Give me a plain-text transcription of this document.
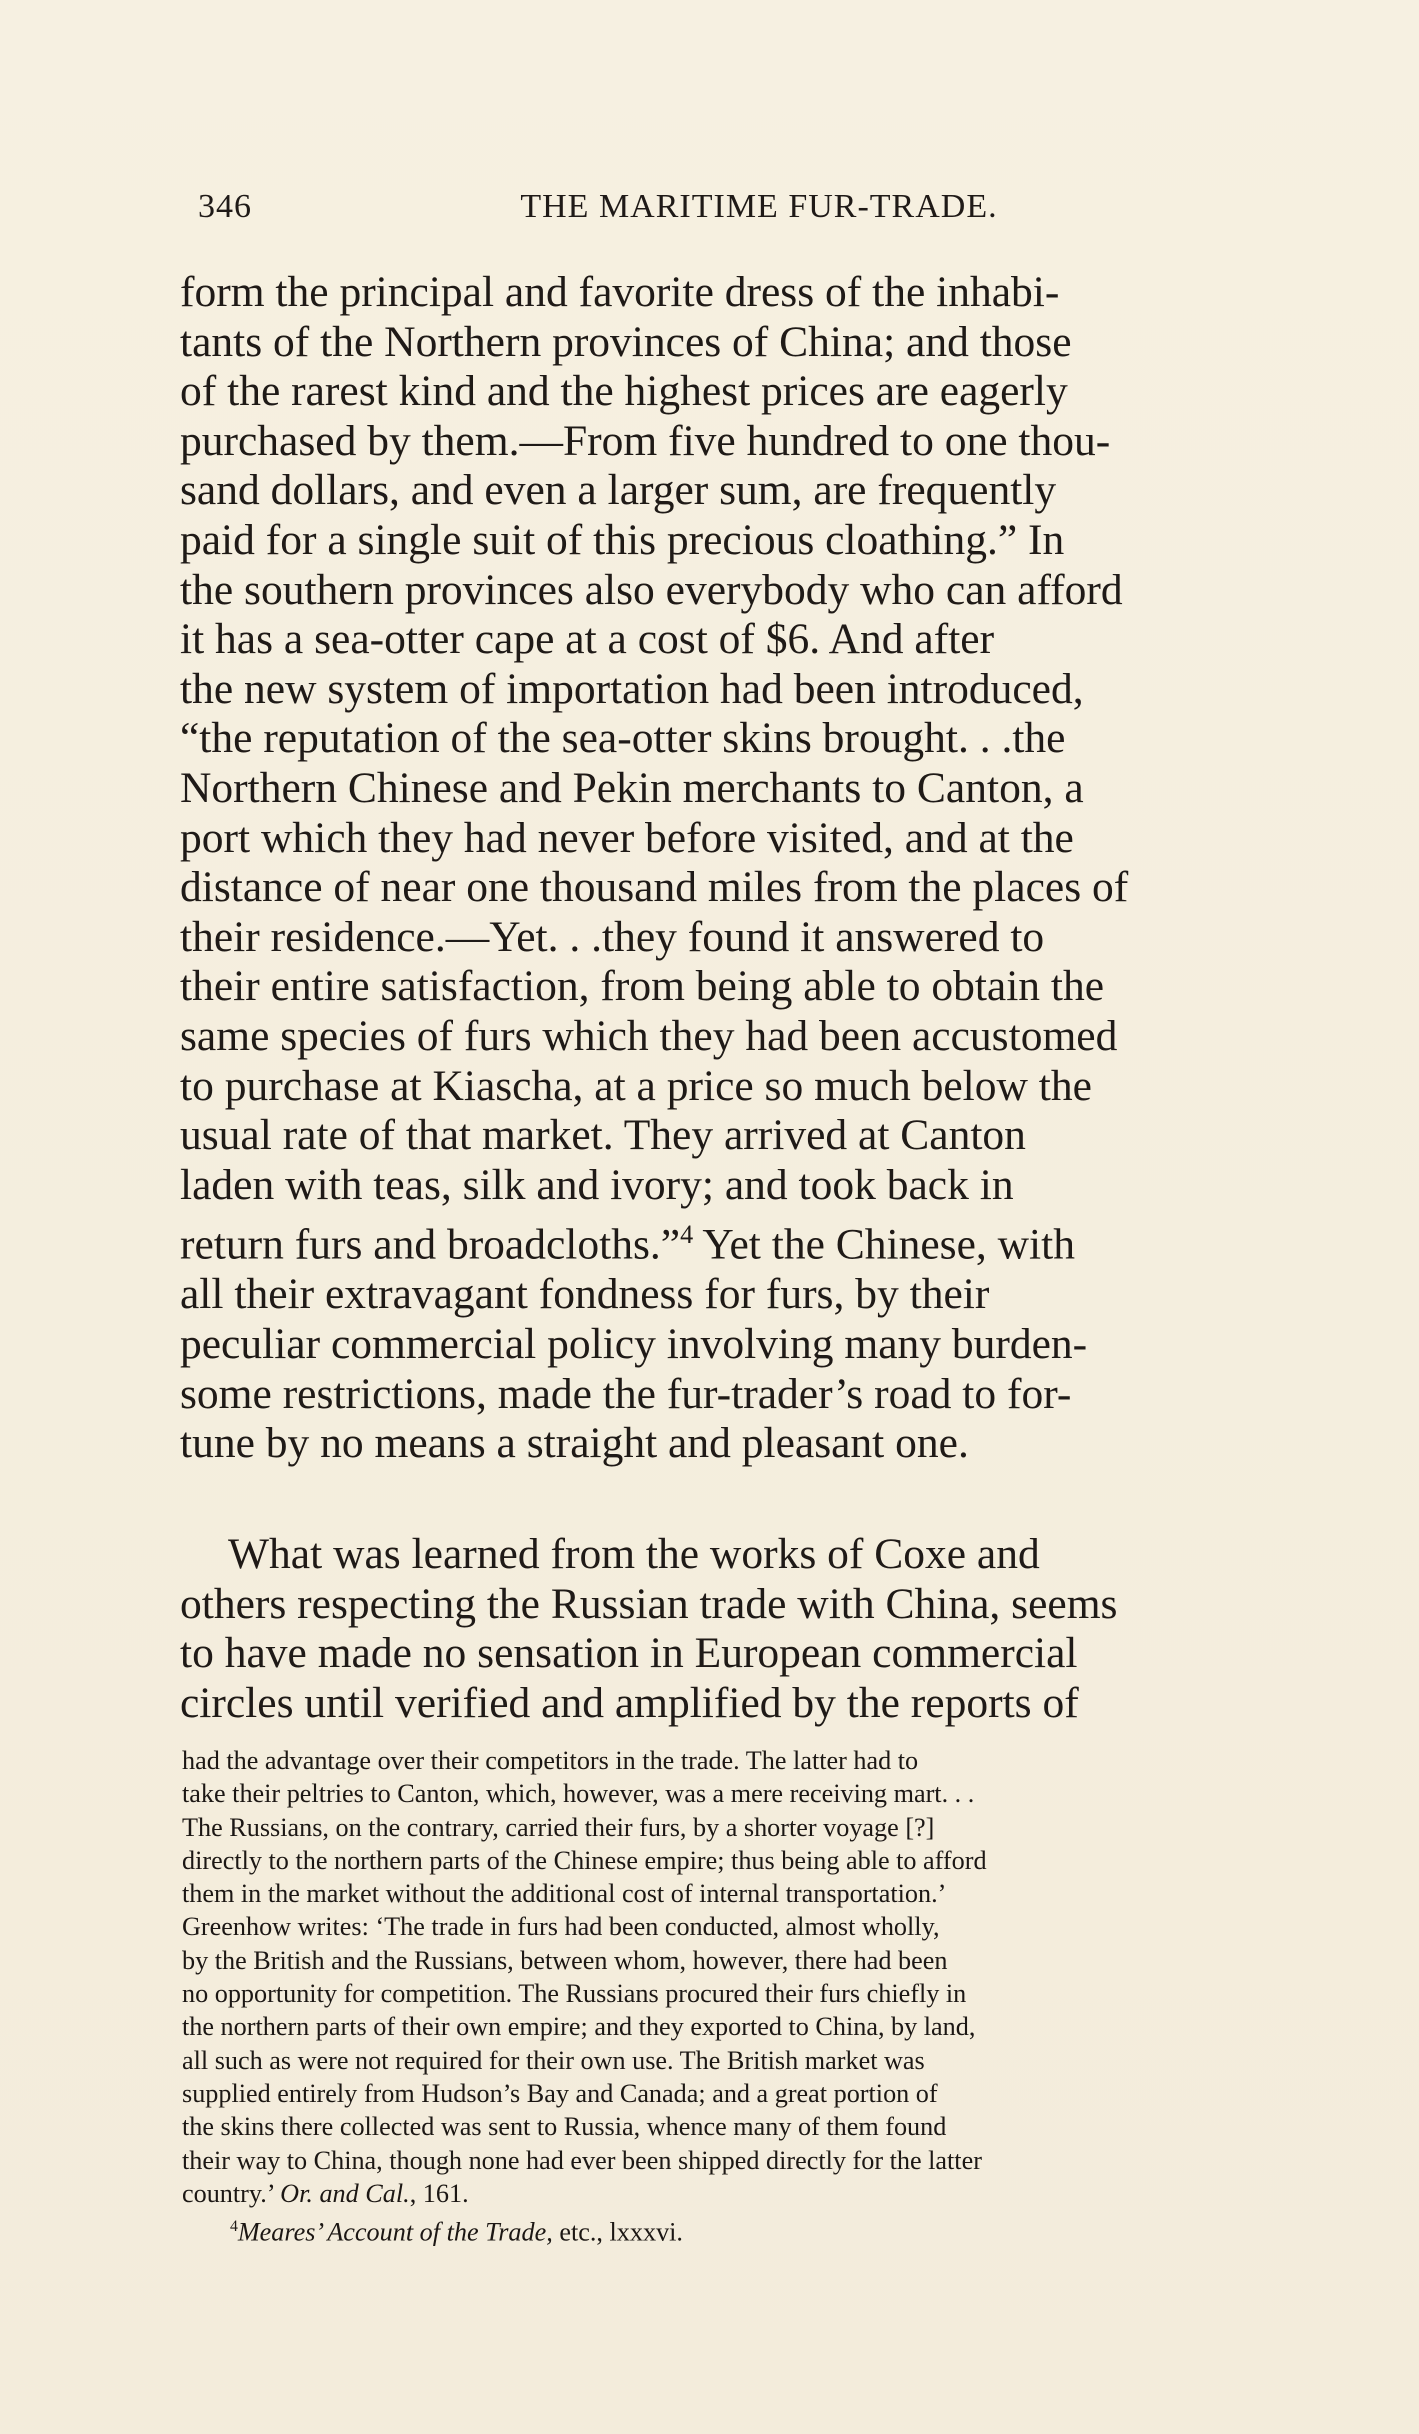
346	THE MARITIME FUR-TRADE.
form the principal and favorite dress of the inhabi-
tants of the Northern provinces of China; and those
of the rarest kind and the highest prices are eagerly
purchased by them.—From five hundred to one thou-
sand dollars, and even a larger sum, are frequently
paid for a single suit of this precious cloathing.” In
the southern provinces also everybody who can afford
it has a sea-otter cape at a cost of $6. And after
the new system of importation had been introduced,
“the reputation of the sea-otter skins brought. . .the
Northern Chinese and Pekin merchants to Canton, a
port which they had never before visited, and at the
distance of near one thousand miles from the places of
their residence.—Yet. . .they found it answered to
their entire satisfaction, from being able to obtain the
same species of furs which they had been accustomed
to purchase at Kiascha, at a price so much below the
usual rate of that market. They arrived at Canton
laden with teas, silk and ivory; and took back in
return furs and broadcloths.”$^4$ Yet the Chinese, with
all their extravagant fondness for furs, by their
peculiar commercial policy involving many burden-
some restrictions, made the fur-trader’s road to for-
tune by no means a straight and pleasant one.
What was learned from the works of Coxe and
others respecting the Russian trade with China, seems
to have made no sensation in European commercial
circles until verified and amplified by the reports of
had the advantage over their competitors in the trade. The latter had to
take their peltries to Canton, which, however, was a mere receiving mart. . .
The Russians, on the contrary, carried their furs, by a shorter voyage [?]
directly to the northern parts of the Chinese empire; thus being able to afford
them in the market without the additional cost of internal transportation.’
Greenhow writes: ‘The trade in furs had been conducted, almost wholly,
by the British and the Russians, between whom, however, there had been
no opportunity for competition. The Russians procured their furs chiefly in
the northern parts of their own empire; and they exported to China, by land,
all such as were not required for their own use. The British market was
supplied entirely from Hudson’s Bay and Canada; and a great portion of
the skins there collected was sent to Russia, whence many of them found
their way to China, though none had ever been shipped directly for the latter
country.’ Or. and Cal., 161.
$^4$Meares’ Account of the Trade, etc., lxxxvi.
